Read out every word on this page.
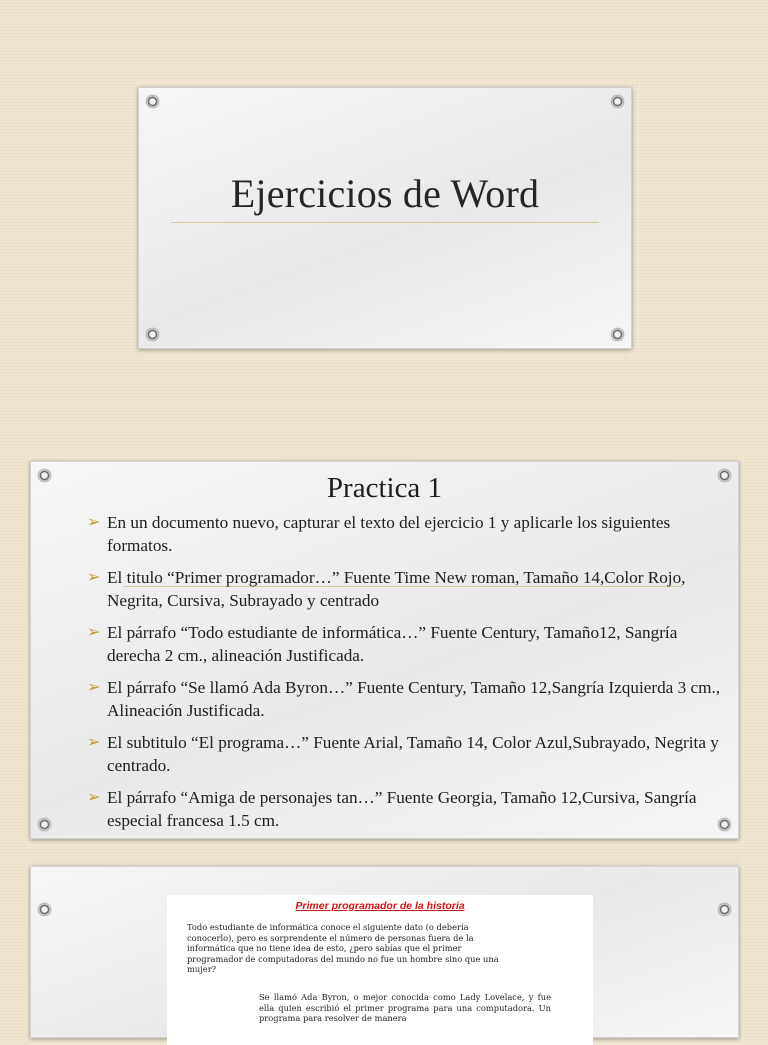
Ejercicios de Word
Practica 1
➢ En un documento nuevo, capturar el texto del ejercicio 1 y aplicarle los siguientes formatos.
➢ El titulo “Primer programador…” Fuente Time New roman, Tamaño 14,Color Rojo, Negrita, Cursiva, Subrayado y centrado
➢ El párrafo “Todo estudiante de informática…” Fuente Century, Tamaño12, Sangría derecha 2 cm., alineación Justificada.
➢ El párrafo “Se llamó Ada Byron…” Fuente Century, Tamaño 12,Sangría Izquierda 3 cm., Alineación Justificada.
➢ El subtitulo “El programa…” Fuente Arial, Tamaño 14, Color Azul,Subrayado, Negrita y centrado.
➢ El párrafo “Amiga de personajes tan…” Fuente Georgia, Tamaño 12,Cursiva, Sangría especial francesa 1.5 cm.
Primer programador de la historia
Todo estudiante de informática conoce el siguiente dato (o debería conocerlo), pero es sorprendente el número de personas fuera de la informática que no tiene idea de esto, ¿pero sabías que el primer programador de computadoras del mundo no fue un hombre sino que una mujer?
Se llamó Ada Byron, o mejor conocida como Lady Lovelace, y fue ella quien escribió el primer programa para una computadora. Un programa para resolver de manera
